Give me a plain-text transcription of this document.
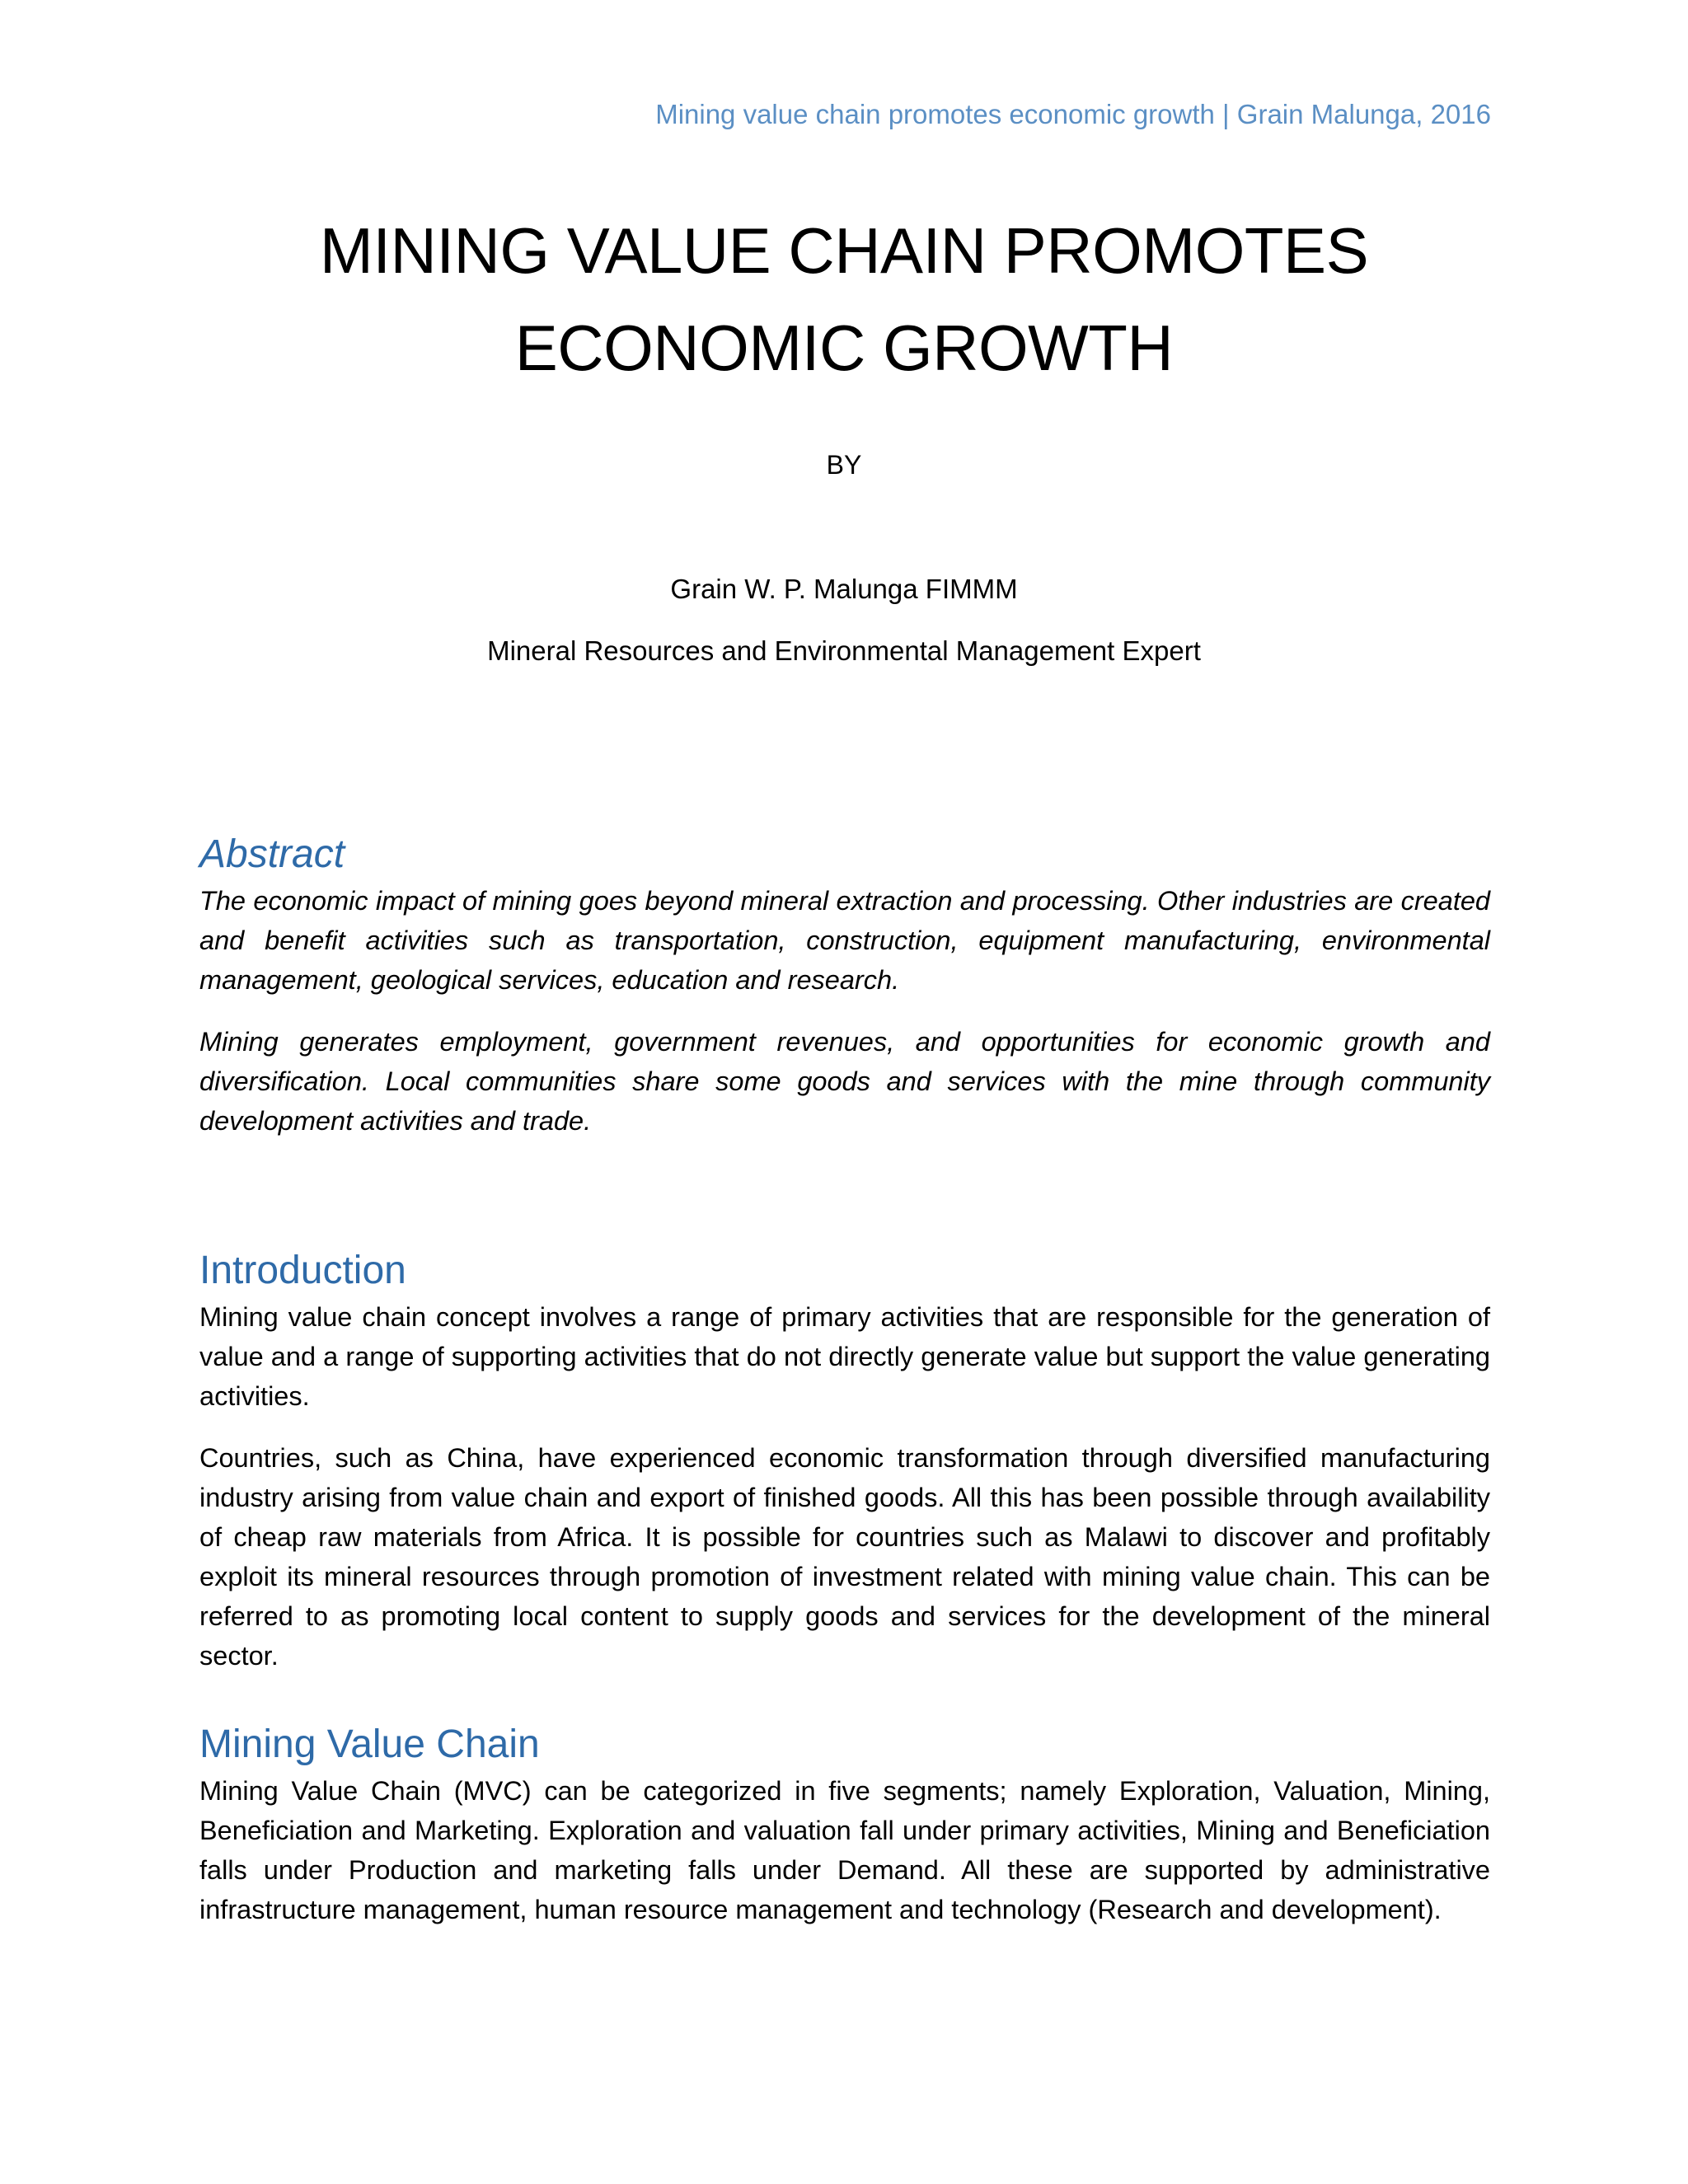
Mining value chain promotes economic growth | Grain Malunga, 2016
MINING VALUE CHAIN PROMOTES
ECONOMIC GROWTH
BY
Grain W. P. Malunga FIMMM
Mineral Resources and Environmental Management Expert
Abstract

The economic impact of mining goes beyond mineral extraction and processing. Other industries are created and benefit activities such as transportation, construction, equipment manufacturing, environmental management, geological services, education and research.

Mining generates employment, government revenues, and opportunities for economic growth and diversification. Local communities share some goods and services with the mine through community development activities and trade.

Introduction

Mining value chain concept involves a range of primary activities that are responsible for the generation of value and a range of supporting activities that do not directly generate value but support the value generating activities.

Countries, such as China, have experienced economic transformation through diversified manufacturing industry arising from value chain and export of finished goods. All this has been possible through availability of cheap raw materials from Africa. It is possible for countries such as Malawi to discover and profitably exploit its mineral resources through promotion of investment related with mining value chain. This can be referred to as promoting local content to supply goods and services for the development of the mineral sector.

Mining Value Chain

Mining Value Chain (MVC) can be categorized in five segments; namely Exploration, Valuation, Mining, Beneficiation and Marketing. Exploration and valuation fall under primary activities, Mining and Beneficiation falls under Production and marketing falls under Demand. All these are supported by administrative infrastructure management, human resource management and technology (Research and development).
